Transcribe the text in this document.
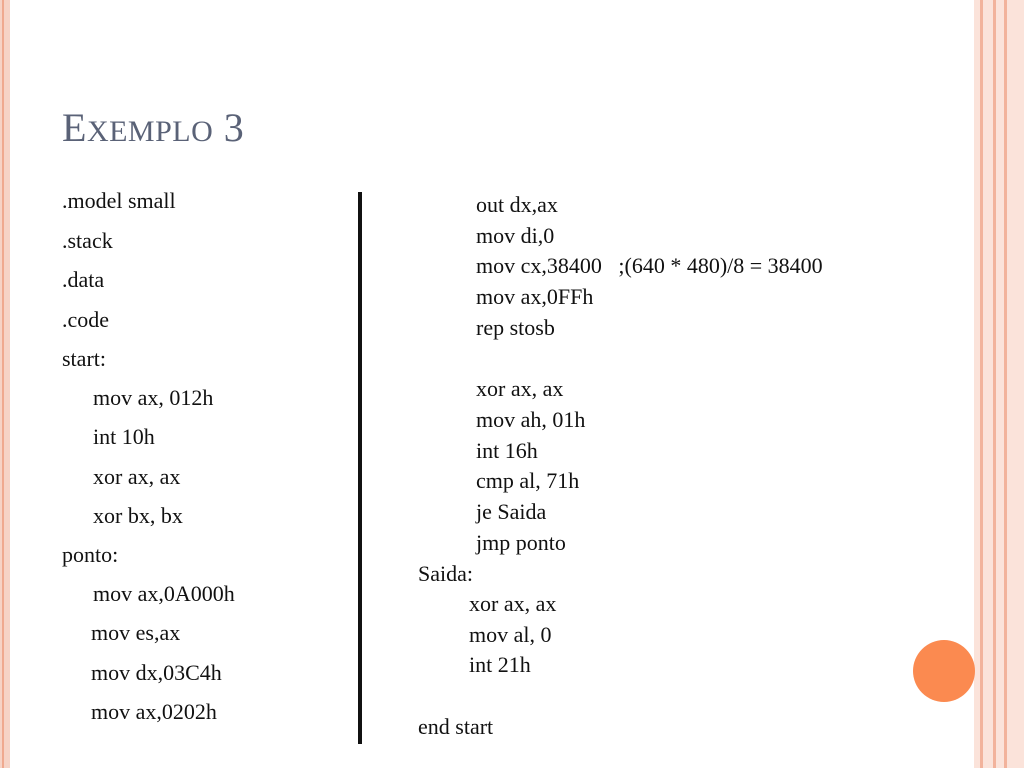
EXEMPLO 3
.model small
.stack
.data
.code
start:
mov ax, 012h
int 10h
xor ax, ax
xor bx, bx
ponto:
mov ax,0A000h
mov es,ax
mov dx,03C4h
mov ax,0202h
out dx,ax
mov di,0
mov cx,38400   ;(640 * 480)/8 = 38400
mov ax,0FFh
rep stosb
xor ax, ax
mov ah, 01h
int 16h
cmp al, 71h
je Saida
jmp ponto
Saida:
xor ax, ax
mov al, 0
int 21h
end start
